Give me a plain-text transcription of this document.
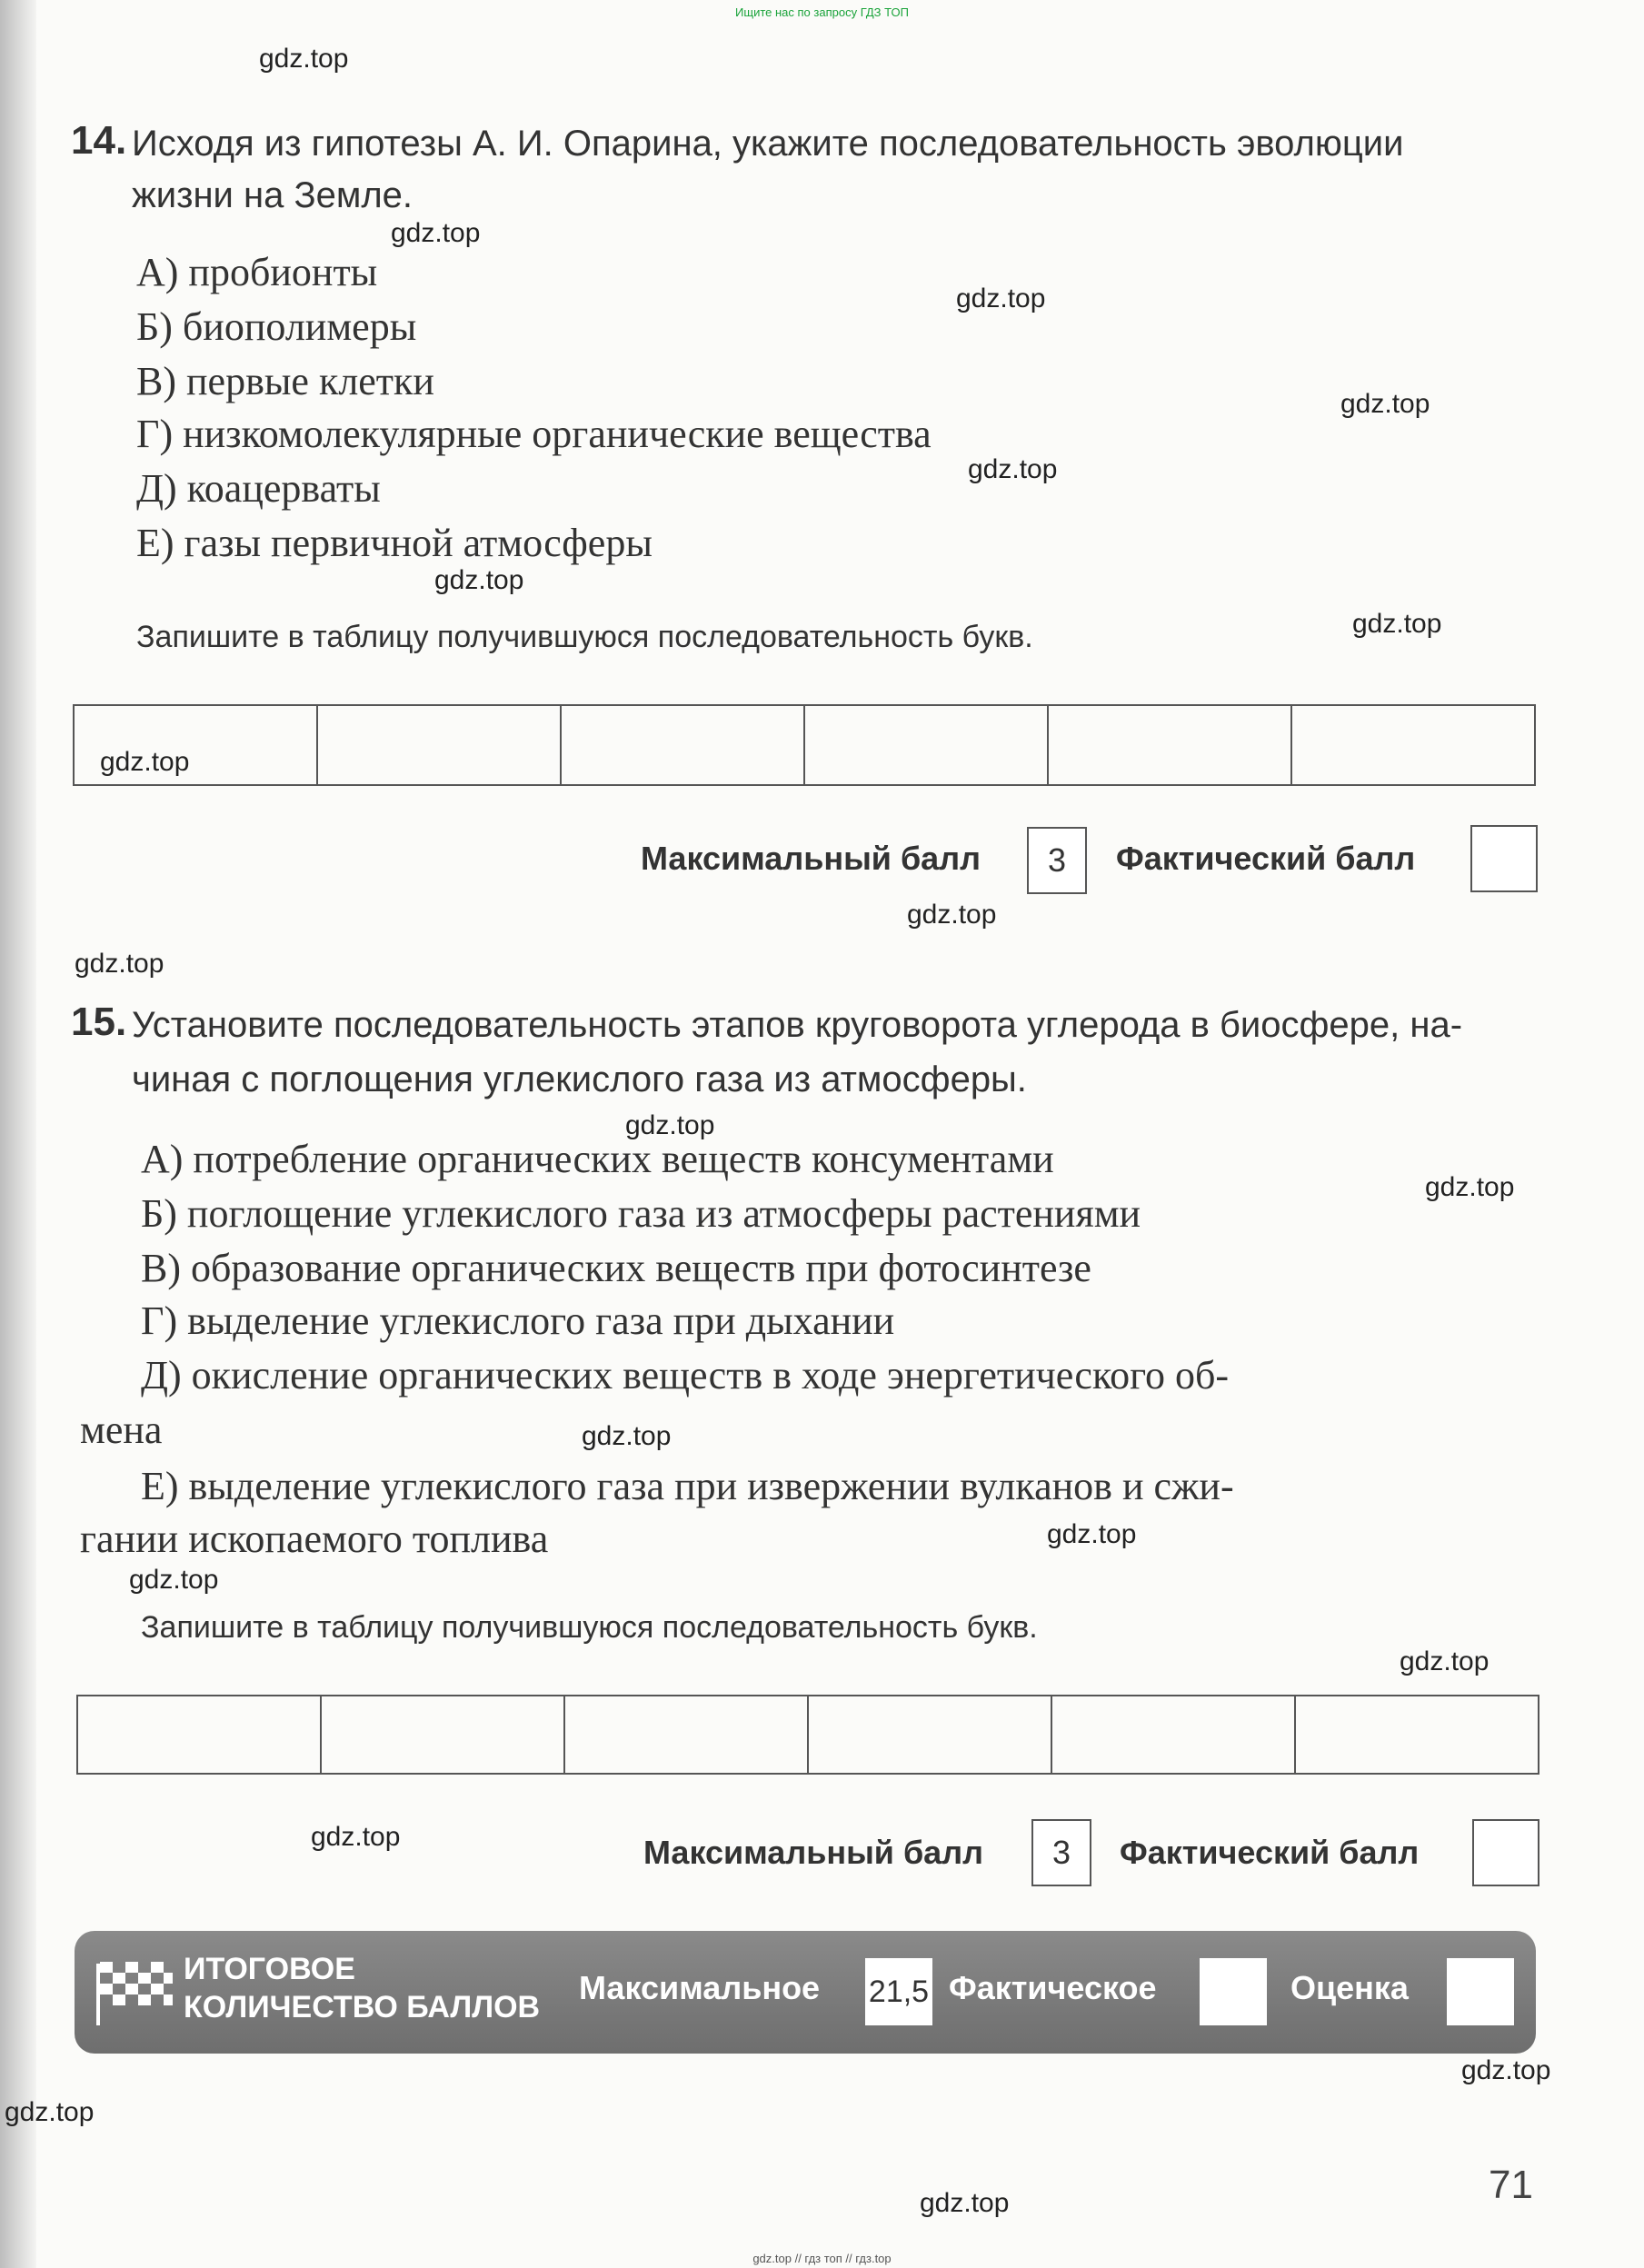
Ищите нас по запросу ГДЗ ТОП
gdz.top
gdz.top
gdz.top
gdz.top
gdz.top
gdz.top
gdz.top
gdz.top
gdz.top
gdz.top
gdz.top
gdz.top
gdz.top
gdz.top
gdz.top
gdz.top
gdz.top
gdz.top
gdz.top
gdz.top
14. Исходя из гипотезы А. И. Опарина, укажите последовательность эволюции
жизни на Земле.
А) пробионты
Б) биополимеры
В) первые клетки
Г) низкомолекулярные органические вещества
Д) коацерваты
Е) газы первичной атмосферы
Запишите в таблицу получившуюся последовательность букв.

Максимальный балл	3	Фактический балл
15. Установите последовательность этапов круговорота углерода в биосфере, на-
чиная с поглощения углекислого газа из атмосферы.
А) потребление органических веществ консументами
Б) поглощение углекислого газа из атмосферы растениями
В) образование органических веществ при фотосинтезе
Г) выделение углекислого газа при дыхании
Д) окисление органических веществ в ходе энергетического об-
мена
Е) выделение углекислого газа при извержении вулканов и сжи-
гании ископаемого топлива
Запишите в таблицу получившуюся последовательность букв.

Максимальный балл	3	Фактический балл
ИТОГОВОЕ
КОЛИЧЕСТВО БАЛЛОВ
Максимальное 21,5 Фактическое	Оценка
71
gdz.top // гдз топ // гдз.top
